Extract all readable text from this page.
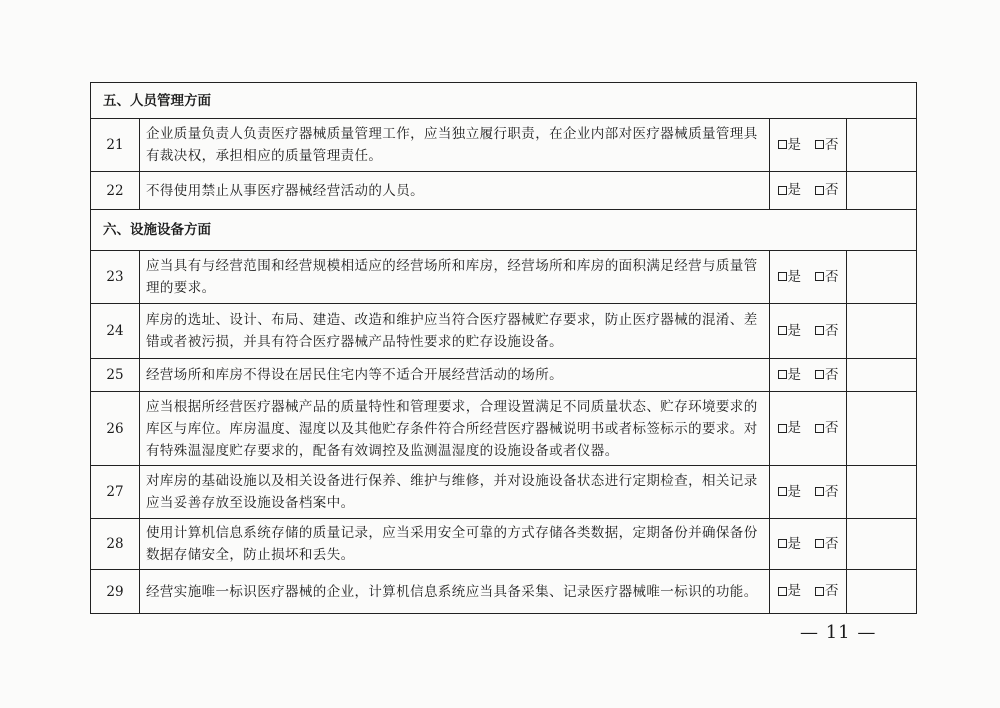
五、人员管理方面			
21	企业质量负责人负责医疗器械质量管理工作，应当独立履行职责，在企业内部对医疗器械质量管理具有裁决权，承担相应的质量管理责任。	是 否	

22	不得使用禁止从事医疗器械经营活动的人员。	是 否	

六、设施设备方面			
23	应当具有与经营范围和经营规模相适应的经营场所和库房，经营场所和库房的面积满足经营与质量管理的要求。	是 否	

24	库房的选址、设计、布局、建造、改造和维护应当符合医疗器械贮存要求，防止医疗器械的混淆、差错或者被污损，并具有符合医疗器械产品特性要求的贮存设施设备。	是 否	

25	经营场所和库房不得设在居民住宅内等不适合开展经营活动的场所。	是 否	

26	应当根据所经营医疗器械产品的质量特性和管理要求，合理设置满足不同质量状态、贮存环境要求的库区与库位。库房温度、湿度以及其他贮存条件符合所经营医疗器械说明书或者标签标示的要求。对有特殊温湿度贮存要求的，配备有效调控及监测温湿度的设施设备或者仪器。	是 否	

27	对库房的基础设施以及相关设备进行保养、维护与维修，并对设施设备状态进行定期检查，相关记录应当妥善存放至设施设备档案中。	是 否	

28	使用计算机信息系统存储的质量记录，应当采用安全可靠的方式存储各类数据，定期备份并确保备份数据存储安全，防止损坏和丢失。	是 否	

29	经营实施唯一标识医疗器械的企业，计算机信息系统应当具备采集、记录医疗器械唯一标识的功能。	是 否	

— 11 —
